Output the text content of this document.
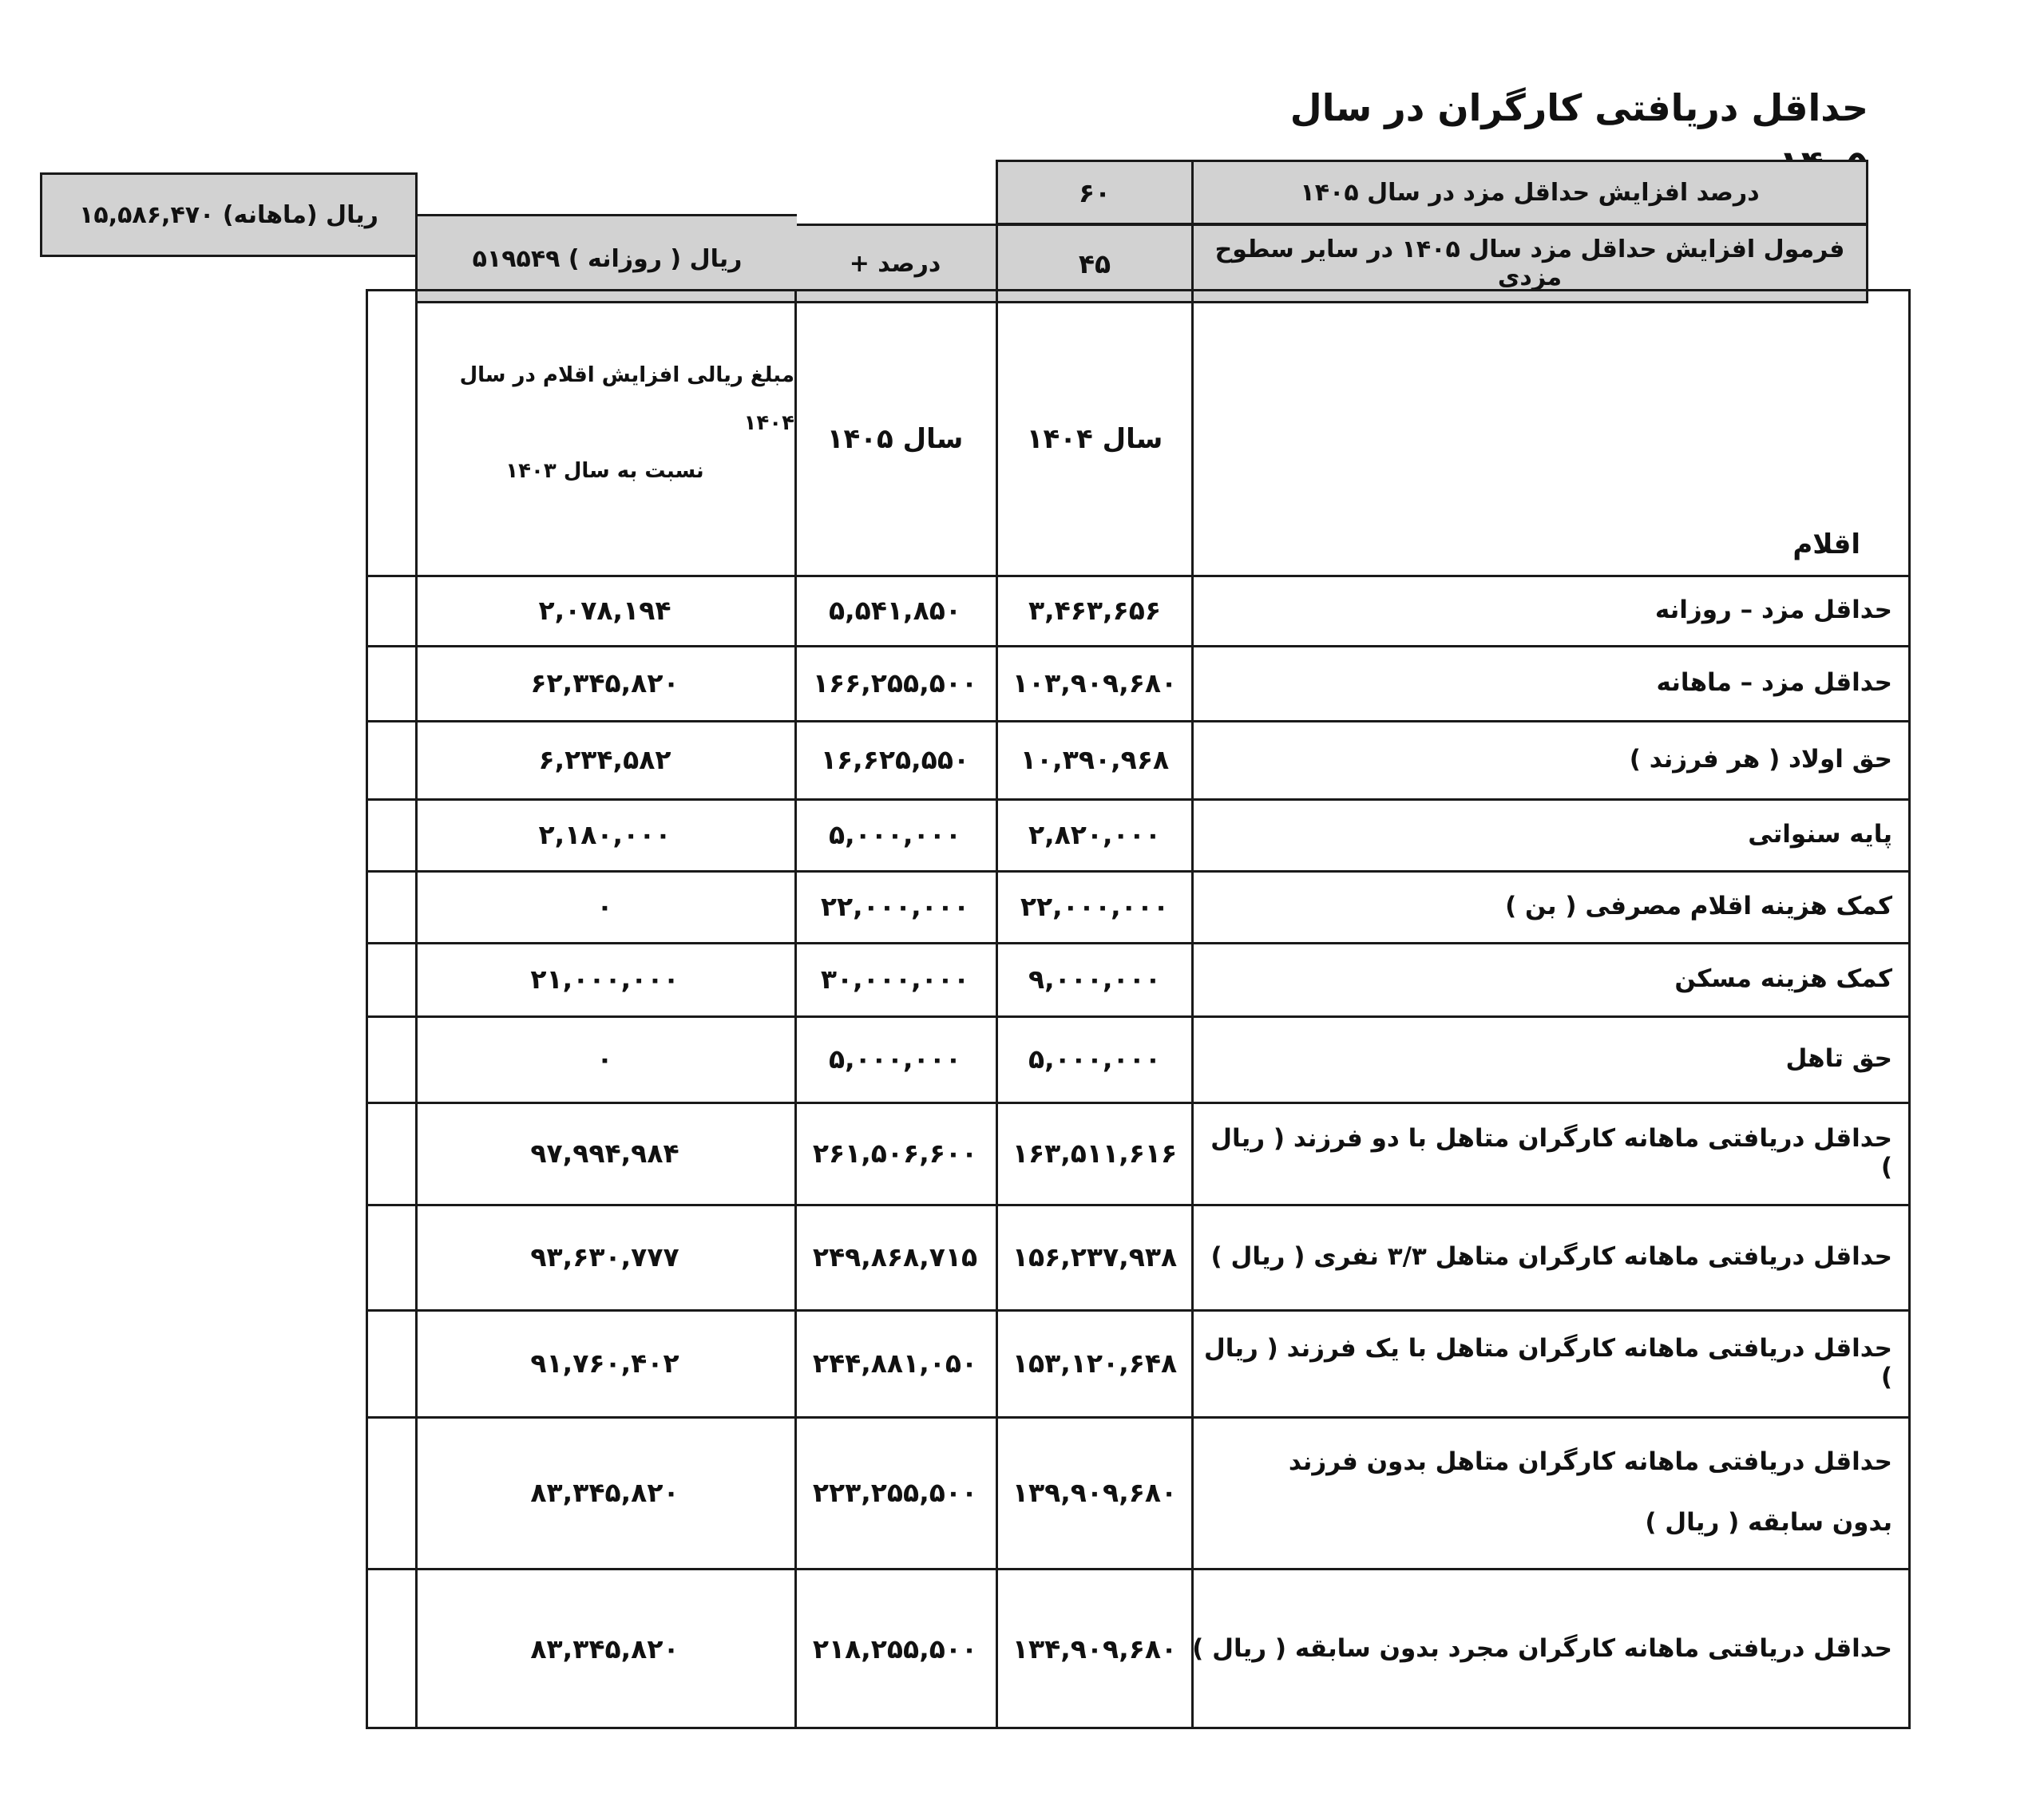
حداقل دریافتی کارگران در سال
درصد افزایش حداقل مزد در سال ۱۴۰۵
۶۰
فرمول افزایش حداقل مزد سال ۱۴۰۵ در سایر سطوح مزدی
۴۵
درصد +
ریال ( روزانه ) ۵۱۹۵۴۹
ریال (ماهانه) ۱۵,۵۸۶,۴۷۰
اقلام
سال ۱۴۰۴
سال ۱۴۰۵
مبلغ ریالی افزایش اقلام در سال ۱۴۰۴
نسبت به سال ۱۴۰۳
حداقل مزد – روزانه
۳,۴۶۳,۶۵۶
۵,۵۴۱,۸۵۰
۲,۰۷۸,۱۹۴
حداقل مزد – ماهانه
۱۰۳,۹۰۹,۶۸۰
۱۶۶,۲۵۵,۵۰۰
۶۲,۳۴۵,۸۲۰
حق اولاد ( هر فرزند )
۱۰,۳۹۰,۹۶۸
۱۶,۶۲۵,۵۵۰
۶,۲۳۴,۵۸۲
پایه سنواتی
۲,۸۲۰,۰۰۰
۵,۰۰۰,۰۰۰
۲,۱۸۰,۰۰۰
کمک هزینه اقلام مصرفی ( بن )
۲۲,۰۰۰,۰۰۰
۲۲,۰۰۰,۰۰۰
۰
کمک هزینه مسکن
۹,۰۰۰,۰۰۰
۳۰,۰۰۰,۰۰۰
۲۱,۰۰۰,۰۰۰
حق تاهل
۵,۰۰۰,۰۰۰
۵,۰۰۰,۰۰۰
۰
حداقل دریافتی ماهانه کارگران متاهل با دو فرزند ( ریال )
۱۶۳,۵۱۱,۶۱۶
۲۶۱,۵۰۶,۶۰۰
۹۷,۹۹۴,۹۸۴
حداقل دریافتی ماهانه کارگران متاهل ۳/۳ نفری ( ریال )
۱۵۶,۲۳۷,۹۳۸
۲۴۹,۸۶۸,۷۱۵
۹۳,۶۳۰,۷۷۷
حداقل دریافتی ماهانه کارگران متاهل با یک فرزند ( ریال )
۱۵۳,۱۲۰,۶۴۸
۲۴۴,۸۸۱,۰۵۰
۹۱,۷۶۰,۴۰۲
حداقل دریافتی ماهانه کارگران متاهل بدون فرزند
بدون سابقه ( ریال )
۱۳۹,۹۰۹,۶۸۰
۲۲۳,۲۵۵,۵۰۰
۸۳,۳۴۵,۸۲۰
حداقل دریافتی ماهانه کارگران مجرد بدون سابقه ( ریال )
۱۳۴,۹۰۹,۶۸۰
۲۱۸,۲۵۵,۵۰۰
۸۳,۳۴۵,۸۲۰
